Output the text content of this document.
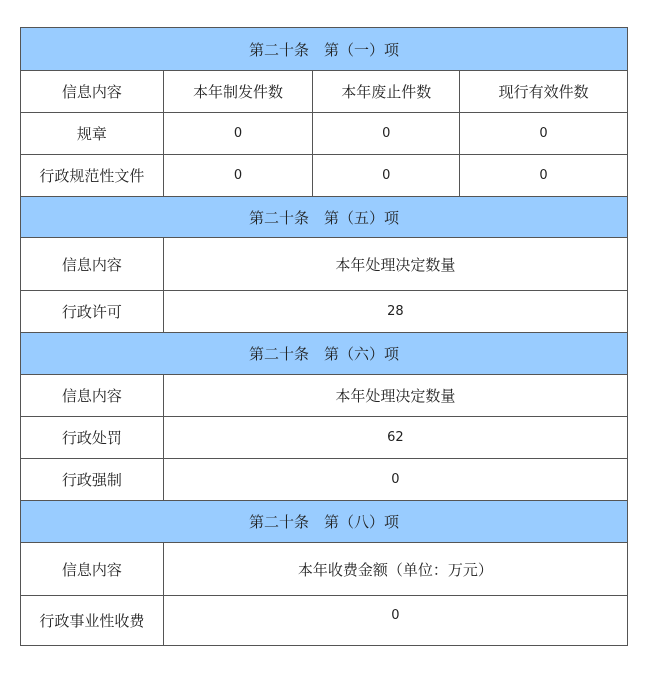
第二十条　第（一）项			
信息内容	本年制发件数	本年废止件数	现行有效件数
规章	0	0	0
行政规范性文件	0	0	0
第二十条　第（五）项			
信息内容	本年处理决定数量		
行政许可	28		
第二十条　第（六）项			
信息内容	本年处理决定数量		
行政处罚	62		
行政强制	0		
第二十条　第（八）项			
信息内容	本年收费金额（单位：万元）		
行政事业性收费	0		
